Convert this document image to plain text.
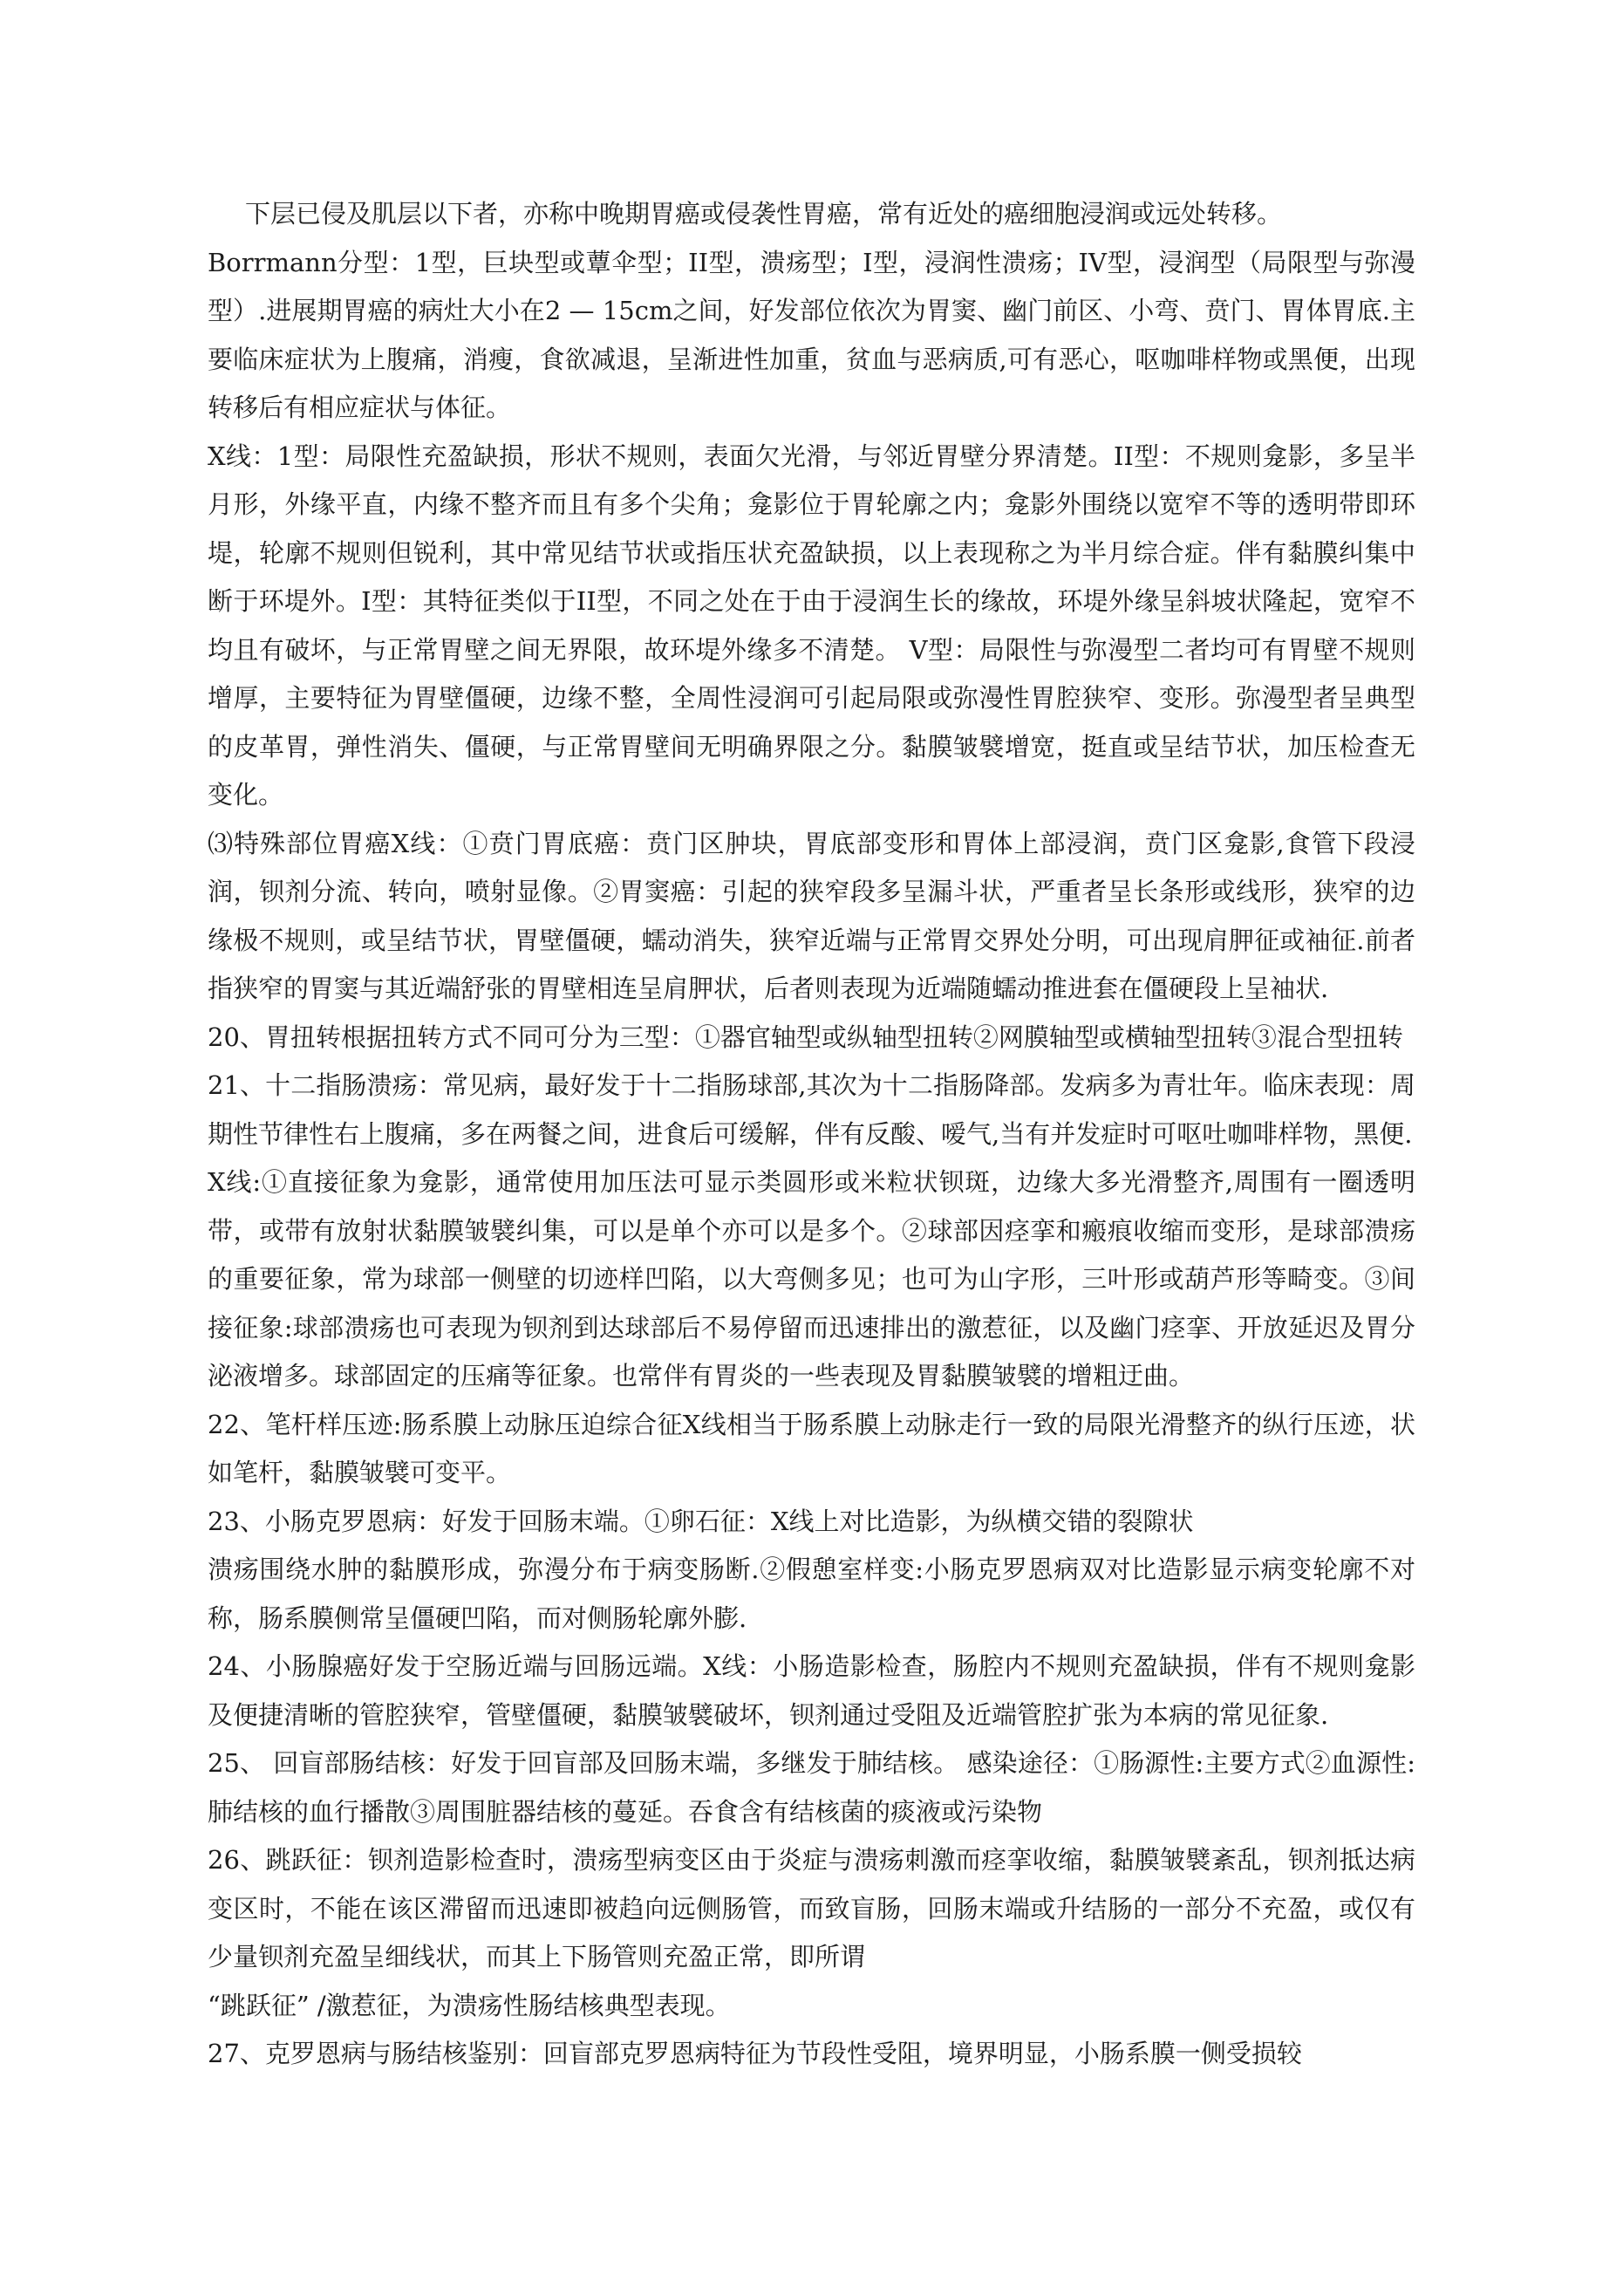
下层已侵及肌层以下者，亦称中晚期胃癌或侵袭性胃癌，常有近处的癌细胞浸润或远处转移。

Borrmann分型：1型，巨块型或蕈伞型；II型，溃疡型；I型，浸润性溃疡；IV型，浸润型（局限型与弥漫型）.进展期胃癌的病灶大小在2 — 15cm之间，好发部位依次为胃窦、幽门前区、小弯、贲门、胃体胃底.主要临床症状为上腹痛，消瘦，食欲减退，呈渐进性加重，贫血与恶病质,可有恶心，呕咖啡样物或黑便，出现转移后有相应症状与体征。

X线：1型：局限性充盈缺损，形状不规则，表面欠光滑，与邻近胃壁分界清楚。II型：不规则龛影，多呈半月形，外缘平直，内缘不整齐而且有多个尖角；龛影位于胃轮廓之内；龛影外围绕以宽窄不等的透明带即环堤，轮廓不规则但锐利，其中常见结节状或指压状充盈缺损，以上表现称之为半月综合症。伴有黏膜纠集中断于环堤外。I型：其特征类似于II型，不同之处在于由于浸润生长的缘故，环堤外缘呈斜坡状隆起，宽窄不均且有破坏，与正常胃壁之间无界限，故环堤外缘多不清楚。 V型：局限性与弥漫型二者均可有胃壁不规则增厚，主要特征为胃壁僵硬，边缘不整，全周性浸润可引起局限或弥漫性胃腔狭窄、变形。弥漫型者呈典型的皮革胃，弹性消失、僵硬，与正常胃壁间无明确界限之分。黏膜皱襞增宽，挺直或呈结节状，加压检查无变化。

⑶特殊部位胃癌X线：①贲门胃底癌：贲门区肿块，胃底部变形和胃体上部浸润，贲门区龛影,食管下段浸润，钡剂分流、转向，喷射显像。②胃窦癌：引起的狭窄段多呈漏斗状，严重者呈长条形或线形，狭窄的边缘极不规则，或呈结节状，胃壁僵硬，蠕动消失，狭窄近端与正常胃交界处分明，可出现肩胛征或袖征.前者指狭窄的胃窦与其近端舒张的胃壁相连呈肩胛状，后者则表现为近端随蠕动推进套在僵硬段上呈袖状.

20、胃扭转根据扭转方式不同可分为三型：①器官轴型或纵轴型扭转②网膜轴型或横轴型扭转③混合型扭转

21、十二指肠溃疡：常见病，最好发于十二指肠球部,其次为十二指肠降部。发病多为青壮年。临床表现：周期性节律性右上腹痛，多在两餐之间，进食后可缓解，伴有反酸、嗳气,当有并发症时可呕吐咖啡样物，黑便.

X线:①直接征象为龛影，通常使用加压法可显示类圆形或米粒状钡斑，边缘大多光滑整齐,周围有一圈透明带，或带有放射状黏膜皱襞纠集，可以是单个亦可以是多个。②球部因痉挛和瘢痕收缩而变形，是球部溃疡的重要征象，常为球部一侧壁的切迹样凹陷，以大弯侧多见；也可为山字形，三叶形或葫芦形等畸变。③间接征象:球部溃疡也可表现为钡剂到达球部后不易停留而迅速排出的激惹征，以及幽门痉挛、开放延迟及胃分泌液增多。球部固定的压痛等征象。也常伴有胃炎的一些表现及胃黏膜皱襞的增粗迂曲。

22、笔杆样压迹:肠系膜上动脉压迫综合征X线相当于肠系膜上动脉走行一致的局限光滑整齐的纵行压迹，状如笔杆，黏膜皱襞可变平。

23、小肠克罗恩病：好发于回肠末端。①卵石征：X线上对比造影，为纵横交错的裂隙状

溃疡围绕水肿的黏膜形成，弥漫分布于病变肠断.②假憩室样变:小肠克罗恩病双对比造影显示病变轮廓不对称，肠系膜侧常呈僵硬凹陷，而对侧肠轮廓外膨.

24、小肠腺癌好发于空肠近端与回肠远端。X线：小肠造影检查，肠腔内不规则充盈缺损，伴有不规则龛影及便捷清晰的管腔狭窄，管壁僵硬，黏膜皱襞破坏，钡剂通过受阻及近端管腔扩张为本病的常见征象.

25、 回盲部肠结核：好发于回盲部及回肠末端，多继发于肺结核。 感染途径：①肠源性:主要方式②血源性:肺结核的血行播散③周围脏器结核的蔓延。吞食含有结核菌的痰液或污染物

26、跳跃征：钡剂造影检查时，溃疡型病变区由于炎症与溃疡刺激而痉挛收缩，黏膜皱襞紊乱，钡剂抵达病变区时，不能在该区滞留而迅速即被趋向远侧肠管，而致盲肠，回肠末端或升结肠的一部分不充盈，或仅有少量钡剂充盈呈细线状，而其上下肠管则充盈正常，即所谓

“跳跃征” /激惹征，为溃疡性肠结核典型表现。

27、克罗恩病与肠结核鉴别：回盲部克罗恩病特征为节段性受阻，境界明显，小肠系膜一侧受损较
